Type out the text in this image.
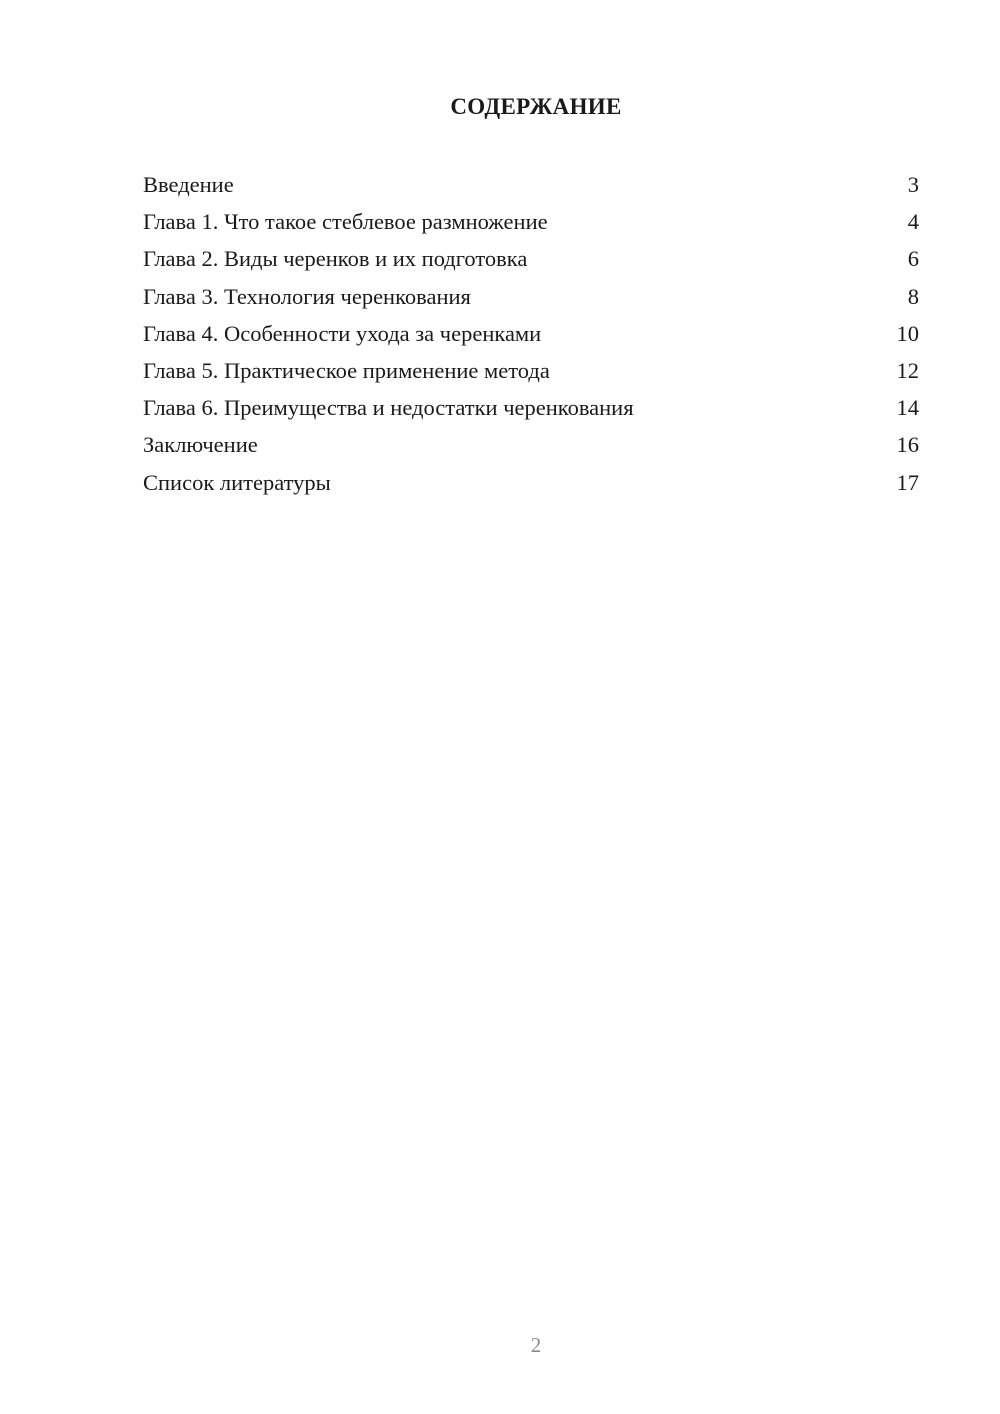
СОДЕРЖАНИЕ
Введение	3
Глава 1. Что такое стеблевое размножение	4
Глава 2. Виды черенков и их подготовка	6
Глава 3. Технология черенкования	8
Глава 4. Особенности ухода за черенками	10
Глава 5. Практическое применение метода	12
Глава 6. Преимущества и недостатки черенкования	14
Заключение	16
Список литературы	17
2
